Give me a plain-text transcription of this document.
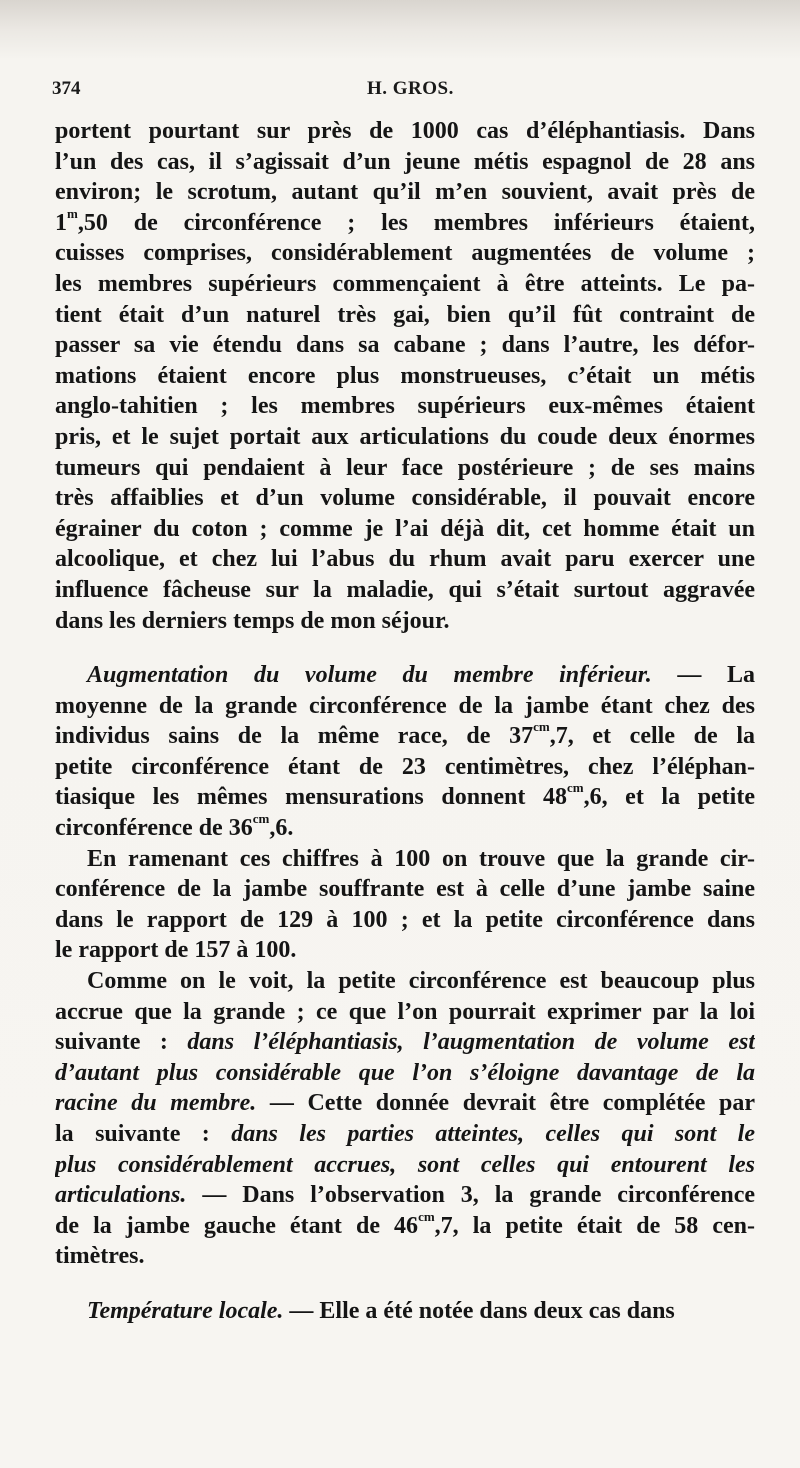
374	H. GROS.
portent pourtant sur près de 1000 cas d’éléphantiasis. Dans
l’un des cas, il s’agissait d’un jeune métis espagnol de 28 ans
environ; le scrotum, autant qu’il m’en souvient, avait près de
1$^m$,50 de circonférence ; les membres inférieurs étaient,
cuisses comprises, considérablement augmentées de volume ;
les membres supérieurs commençaient à être atteints. Le pa-
tient était d’un naturel très gai, bien qu’il fût contraint de
passer sa vie étendu dans sa cabane ; dans l’autre, les défor-
mations étaient encore plus monstrueuses, c’était un métis
anglo-tahitien ; les membres supérieurs eux-mêmes étaient
pris, et le sujet portait aux articulations du coude deux énormes
tumeurs qui pendaient à leur face postérieure ; de ses mains
très affaiblies et d’un volume considérable, il pouvait encore
égrainer du coton ; comme je l’ai déjà dit, cet homme était un
alcoolique, et chez lui l’abus du rhum avait paru exercer une
influence fâcheuse sur la maladie, qui s’était surtout aggravée
dans les derniers temps de mon séjour.
Augmentation du volume du membre inférieur. — La
moyenne de la grande circonférence de la jambe étant chez des
individus sains de la même race, de $37^{cm},7$, et celle de la
petite circonférence étant de 23 centimètres, chez l’éléphan-
tiasique les mêmes mensurations donnent $48^{cm},6$, et la petite
circonférence de $36^{cm},6$.
En ramenant ces chiffres à 100 on trouve que la grande cir-
conférence de la jambe souffrante est à celle d’une jambe saine
dans le rapport de 129 à 100 ; et la petite circonférence dans
le rapport de 157 à 100.
Comme on le voit, la petite circonférence est beaucoup plus
accrue que la grande ; ce que l’on pourrait exprimer par la loi
suivante : dans l’éléphantiasis, l’augmentation de volume est
d’autant plus considérable que l’on s’éloigne davantage de la
racine du membre. — Cette donnée devrait être complétée par
la suivante : dans les parties atteintes, celles qui sont le
plus considérablement accrues, sont celles qui entourent les
articulations. — Dans l’observation 3, la grande circonférence
de la jambe gauche étant de $46^{cm},7$, la petite était de 58 cen-
timètres.
Température locale. — Elle a été notée dans deux cas dans
